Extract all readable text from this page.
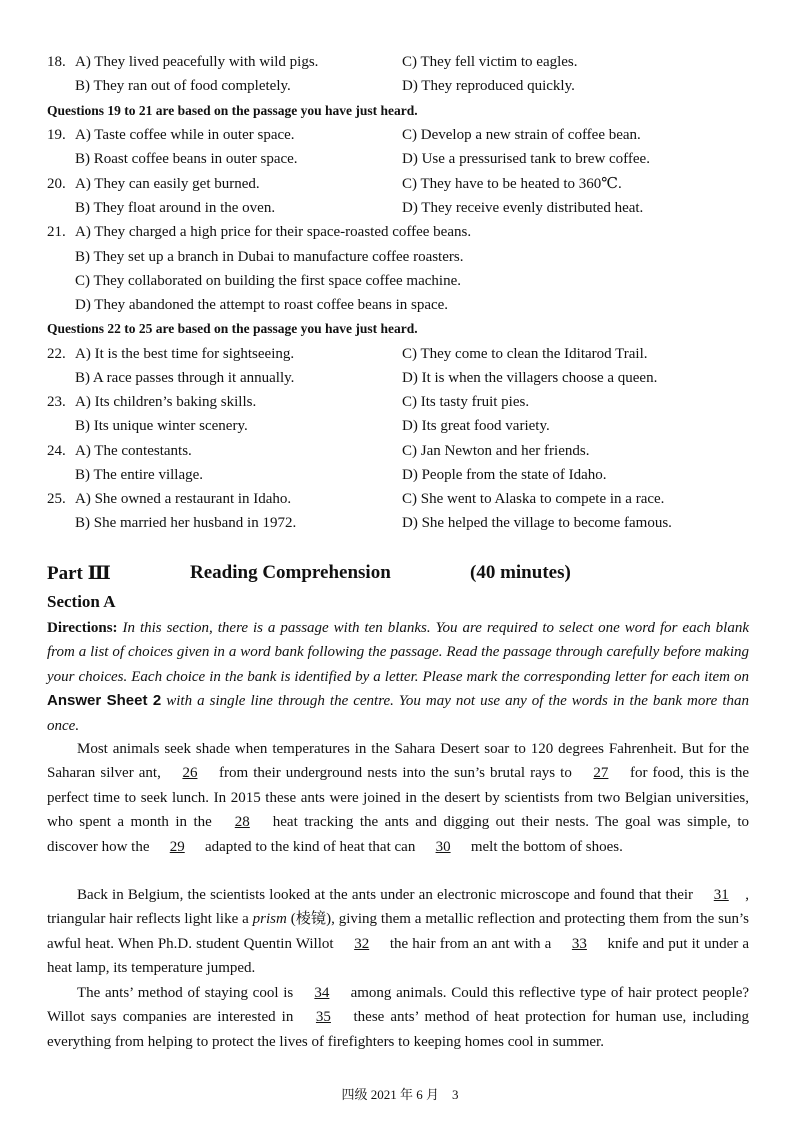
18. A) They lived peacefully with wild pigs.	C) They fell victim to eagles.
B) They ran out of food completely.	D) They reproduced quickly.
Questions 19 to 21 are based on the passage you have just heard.
19. A) Taste coffee while in outer space.	C) Develop a new strain of coffee bean.
B) Roast coffee beans in outer space.	D) Use a pressurised tank to brew coffee.
20. A) They can easily get burned.	C) They have to be heated to 360℃.
B) They float around in the oven.	D) They receive evenly distributed heat.
21. A) They charged a high price for their space-roasted coffee beans.
B) They set up a branch in Dubai to manufacture coffee roasters.
C) They collaborated on building the first space coffee machine.
D) They abandoned the attempt to roast coffee beans in space.
Questions 22 to 25 are based on the passage you have just heard.
22. A) It is the best time for sightseeing.	C) They come to clean the Iditarod Trail.
B) A race passes through it annually.	D) It is when the villagers choose a queen.
23. A) Its children’s baking skills.	C) Its tasty fruit pies.
B) Its unique winter scenery.	D) Its great food variety.
24. A) The contestants.	C) Jan Newton and her friends.
B) The entire village.	D) People from the state of Idaho.
25. A) She owned a restaurant in Idaho.	C) She went to Alaska to compete in a race.
B) She married her husband in 1972.	D) She helped the village to become famous.
Part Ⅲ	Reading Comprehension	(40 minutes)
Section A
Directions: In this section, there is a passage with ten blanks. You are required to select one word for each blank from a list of choices given in a word bank following the passage. Read the passage through carefully before making your choices. Each choice in the bank is identified by a letter. Please mark the corresponding letter for each item on Answer Sheet 2 with a single line through the centre. You may not use any of the words in the bank more than once.
Most animals seek shade when temperatures in the Sahara Desert soar to 120 degrees Fahrenheit. But for the Saharan silver ant, 26 from their underground nests into the sun’s brutal rays to 27 for food, this is the perfect time to seek lunch. In 2015 these ants were joined in the desert by scientists from two Belgian universities, who spent a month in the 28 heat tracking the ants and digging out their nests. The goal was simple, to discover how the 29 adapted to the kind of heat that can 30 melt the bottom of shoes.
Back in Belgium, the scientists looked at the ants under an electronic microscope and found that their 31 , triangular hair reflects light like a prism (棱镜), giving them a metallic reflection and protecting them from the sun’s awful heat. When Ph.D. student Quentin Willot 32 the hair from an ant with a 33 knife and put it under a heat lamp, its temperature jumped.
The ants’ method of staying cool is 34 among animals. Could this reflective type of hair protect people? Willot says companies are interested in 35 these ants’ method of heat protection for human use, including everything from helping to protect the lives of firefighters to keeping homes cool in summer.
四级 2021 年 6 月　3
